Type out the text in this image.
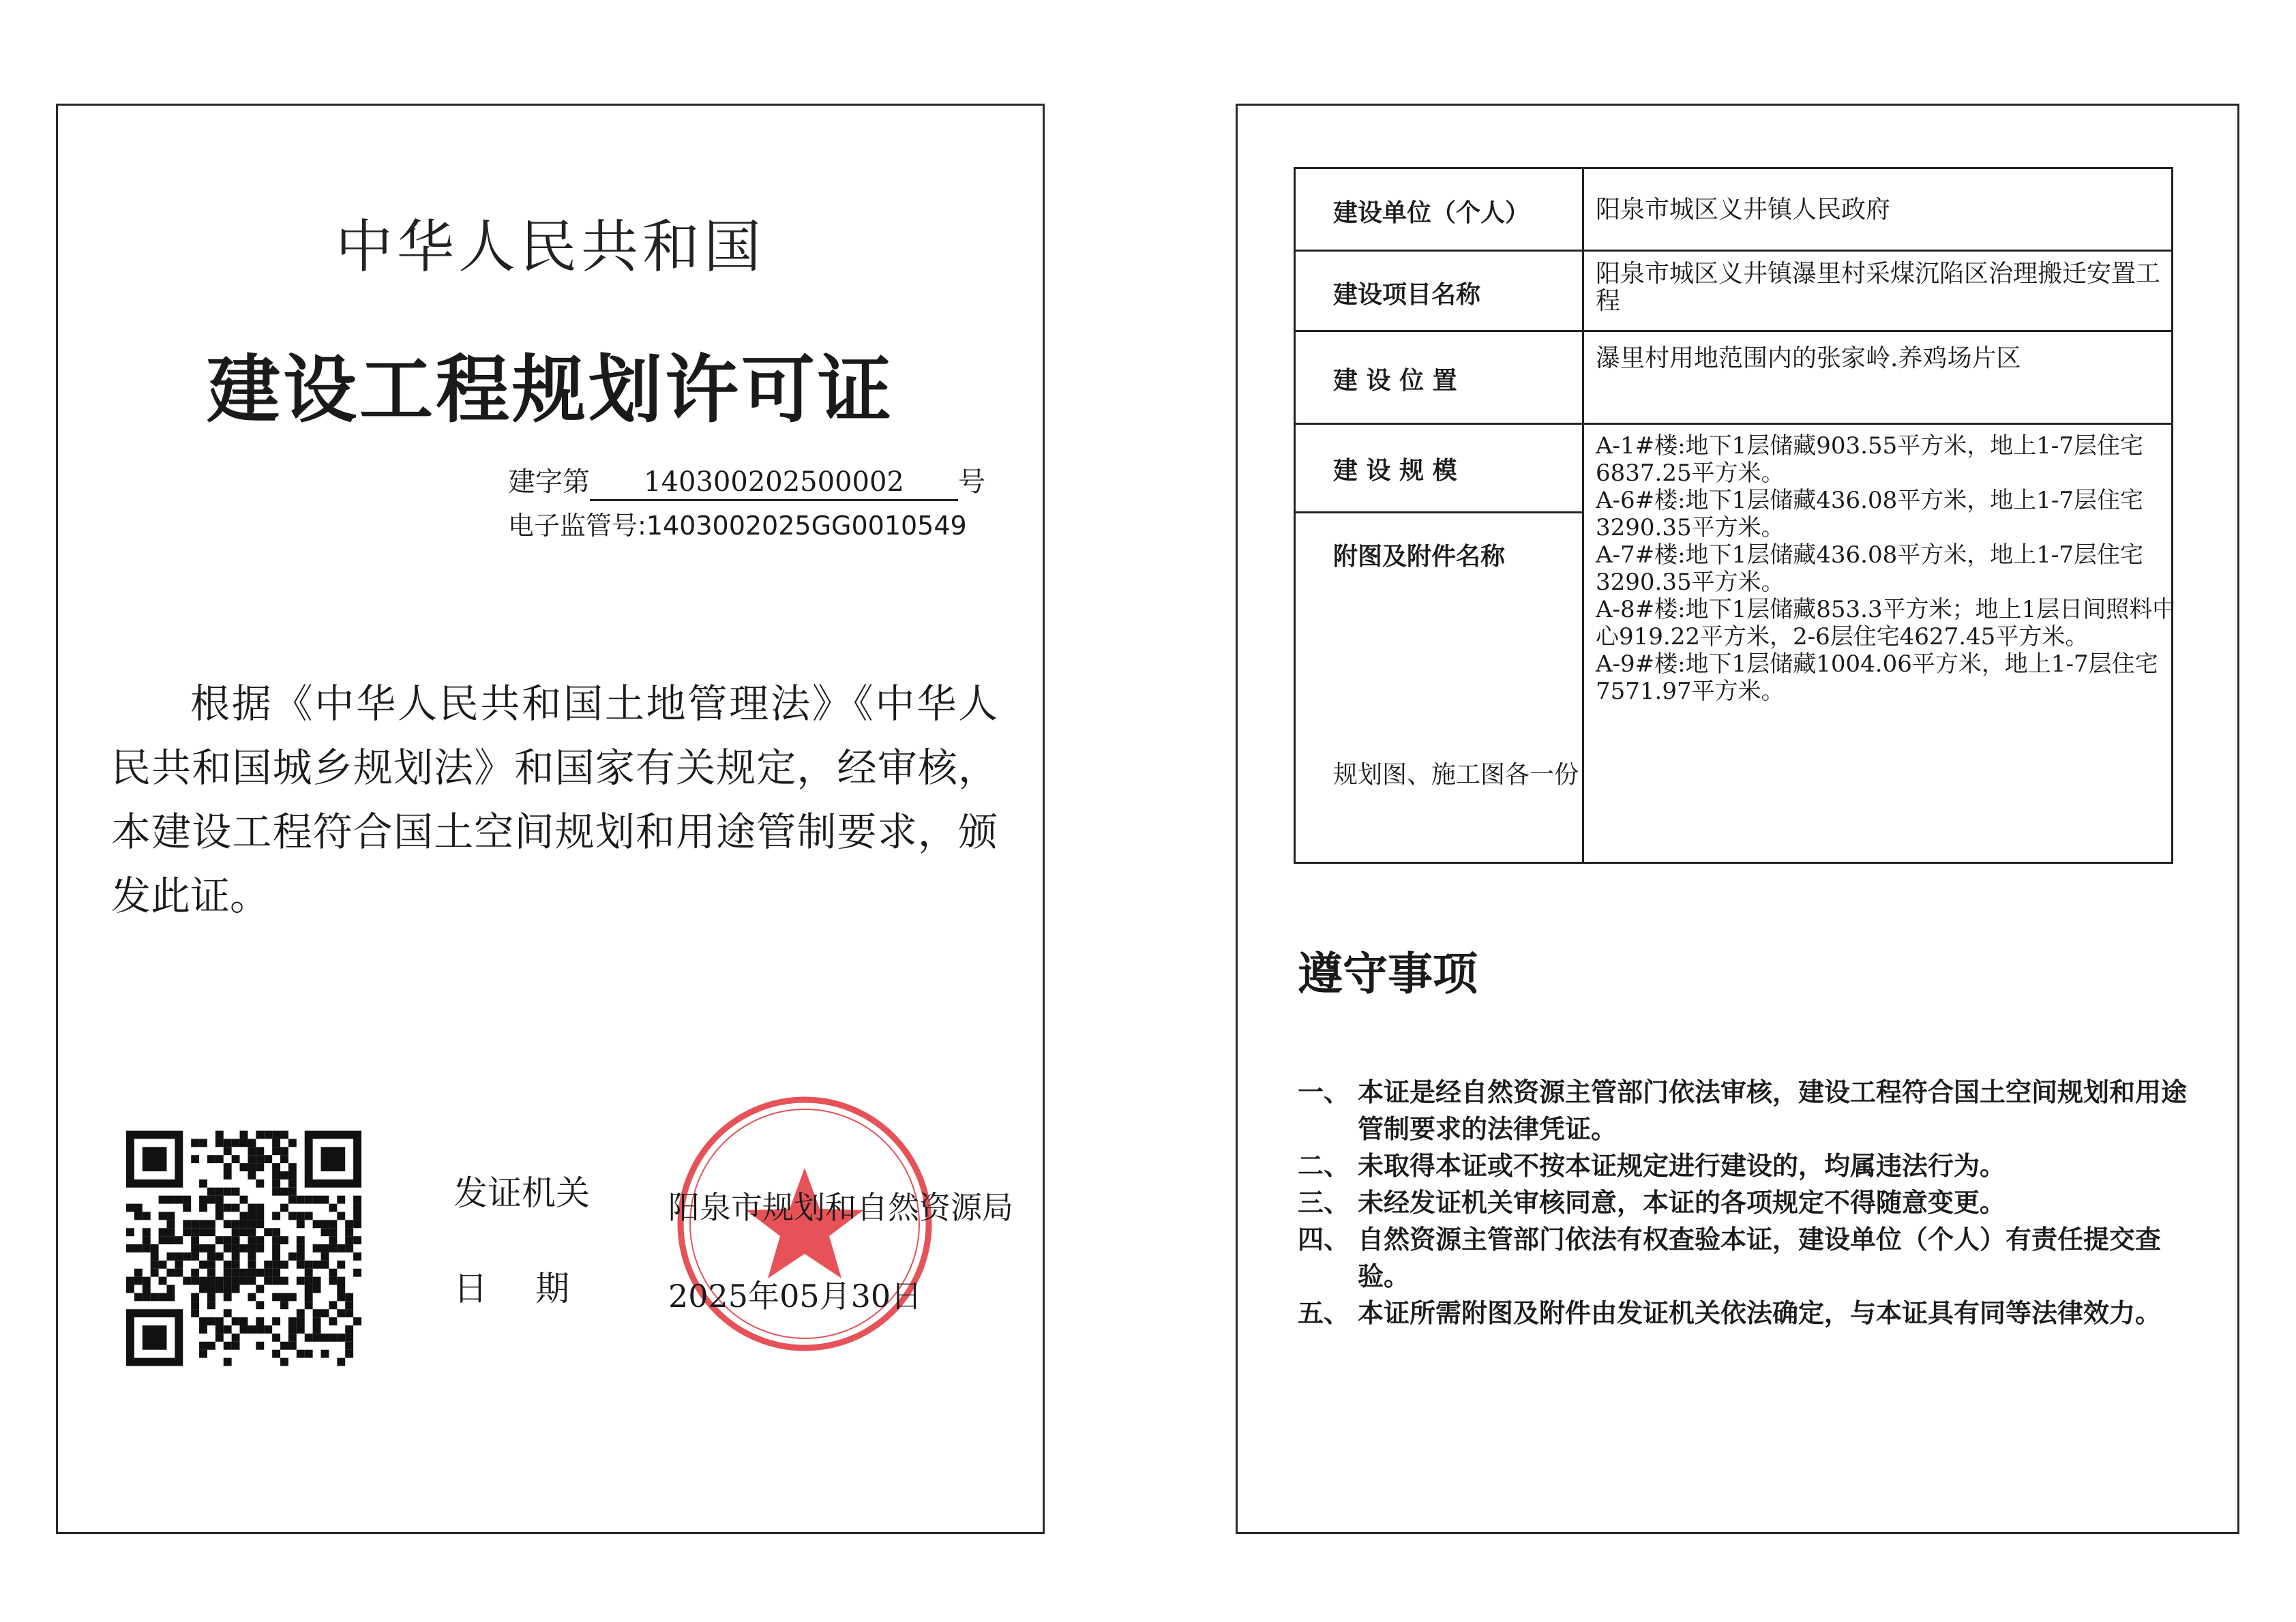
中华人民共和国
建设工程规划许可证
建字第 140300202500002 号
电子监管号:1403002025GG0010549
根据《中华人民共和国土地管理法》《中华人民共和国城乡规划法》和国家有关规定，经审核，本建设工程符合国土空间规划和用途管制要求，颁发此证。
发证机关
日期
阳泉市规划和自然资源局
2025年05月30日
建设单位（个人）	阳泉市城区义井镇人民政府
建设项目名称
阳泉市城区义井镇瀑里村采煤沉陷区治理搬迁安置工程
建 设 位 置
瀑里村用地范围内的张家岭.养鸡场片区
建 设 规 模
A-1#楼:地下1层储藏903.55平方米，地上1-7层住宅
6837.25平方米。
A-6#楼:地下1层储藏436.08平方米，地上1-7层住宅
3290.35平方米。
A-7#楼:地下1层储藏436.08平方米，地上1-7层住宅
3290.35平方米。
A-8#楼:地下1层储藏853.3平方米；地上1层日间照料中
心919.22平方米，2-6层住宅4627.45平方米。
A-9#楼:地下1层储藏1004.06平方米，地上1-7层住宅
7571.97平方米。
附图及附件名称
规划图、施工图各一份
遵守事项
一、 本证是经自然资源主管部门依法审核，建设工程符合国土空间规划和用途管制要求的法律凭证。
二、 未取得本证或不按本证规定进行建设的，均属违法行为。
三、 未经发证机关审核同意，本证的各项规定不得随意变更。
四、 自然资源主管部门依法有权查验本证，建设单位（个人）有责任提交查验。
五、 本证所需附图及附件由发证机关依法确定，与本证具有同等法律效力。
